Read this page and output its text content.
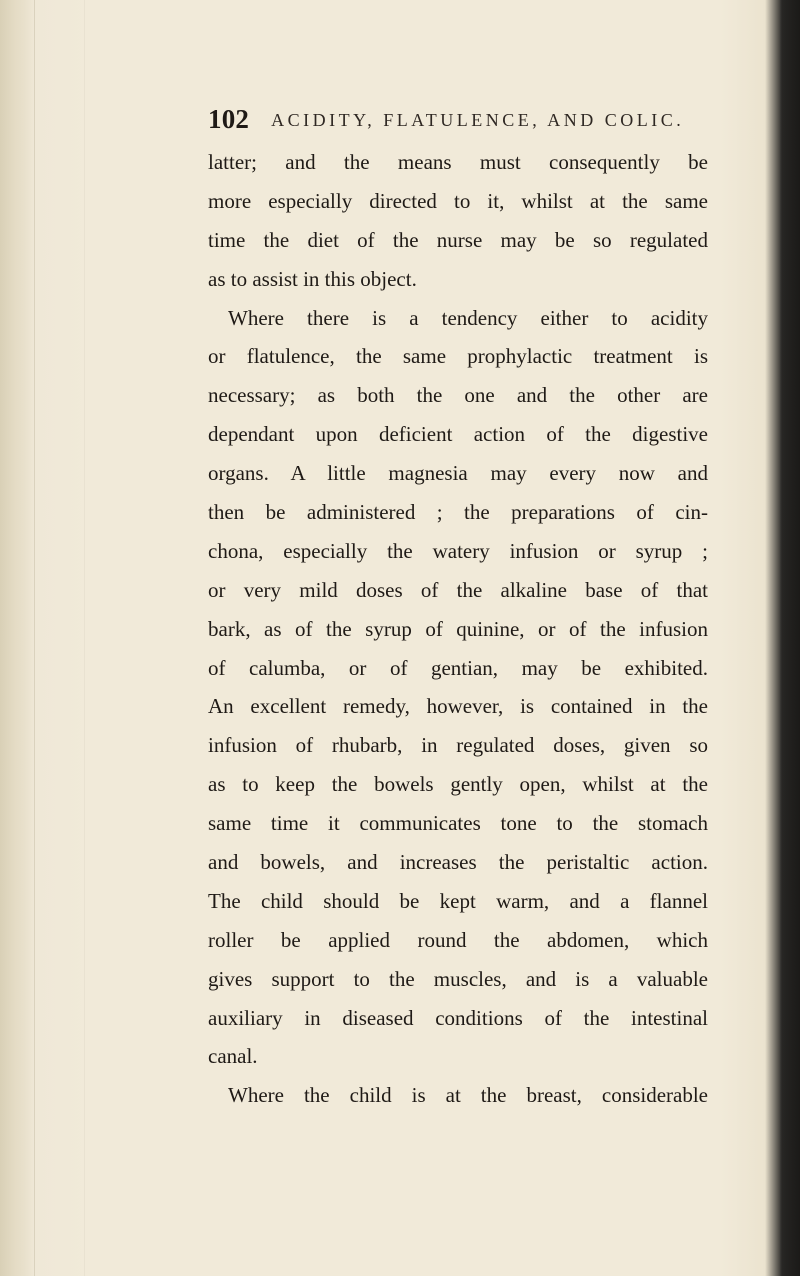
102 ACIDITY, FLATULENCE, AND COLIC.
latter; and the means must consequently be
more especially directed to it, whilst at the same
time the diet of the nurse may be so regulated
as to assist in this object.
Where there is a tendency either to acidity
or flatulence, the same prophylactic treatment is
necessary; as both the one and the other are
dependant upon deficient action of the digestive
organs. A little magnesia may every now and
then be administered ; the preparations of cin-
chona, especially the watery infusion or syrup ;
or very mild doses of the alkaline base of that
bark, as of the syrup of quinine, or of the infusion
of calumba, or of gentian, may be exhibited.
An excellent remedy, however, is contained in the
infusion of rhubarb, in regulated doses, given so
as to keep the bowels gently open, whilst at the
same time it communicates tone to the stomach
and bowels, and increases the peristaltic action.
The child should be kept warm, and a flannel
roller be applied round the abdomen, which
gives support to the muscles, and is a valuable
auxiliary in diseased conditions of the intestinal
canal.
Where the child is at the breast, considerable
